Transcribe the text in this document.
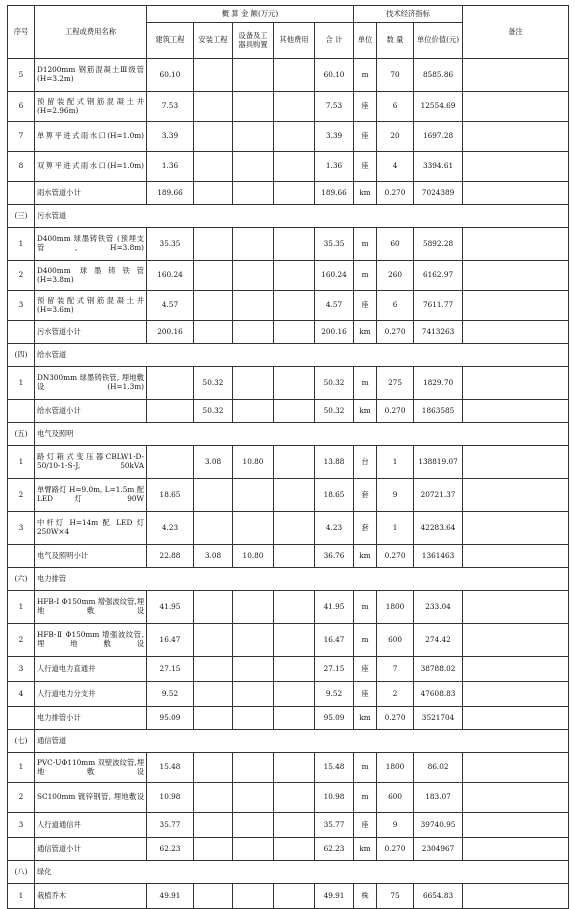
序号	工程或费用名称	概 算 金 额(万元)					技术经济指标			备注
		建筑工程	安装工程	设备及工器具购置	其他费用	合 计	单位	数 量	单位价值(元)	
5	D1200mm 钢筋混凝土Ⅲ级管(H=3.2m)	60.10				60.10	m	70	8585.86	
6	预留装配式钢筋混凝土井(H=2.96m)	7.53				7.53	座	6	12554.69	
7	单箅平进式雨水口(H=1.0m)	3.39				3.39	座	20	1697.28	
8	双箅平进式雨水口(H=1.0m)	1.36				1.36	座	4	3394.61	
	雨水管道小计	189.66				189.66	km	0.270	7024389	
(三)	污水管道									
1	D400mm 球墨铸铁管 (预埋支管, H=3.8m)	35.35				35.35	m	60	5892.28	
2	D400mm 球墨铸铁管(H=3.8m)	160.24				160.24	m	260	6162.97	
3	预留装配式钢筋混凝土井(H=3.6m)	4.57				4.57	座	6	7611.77	
	污水管道小计	200.16				200.16	km	0.270	7413263	
(四)	给水管道									
1	DN300mm 球墨铸铁管, 埋地敷设(H=1.3m)		50.32			50.32	m	275	1829.70	
	给水管道小计		50.32			50.32	km	0.270	1863585	
(五)	电气及照明									
1	路灯箱式变压器CBLW1-D-50/10-1-S-J, 50kVA		3.08	10.80		13.88	台	1	138819.07	
2	单臂路灯 H=9.0m, L=1.5m 配LED灯 90W	18.65				18.65	套	9	20721.37	
3	中杆灯 H=14m 配 LED 灯250W×4	4.23				4.23	套	1	42283.64	
	电气及照明小计	22.88	3.08	10.80		36.76	km	0.270	1361463	
(六)	电力排管									
1	HFB-Ⅰ Φ150mm 增强波纹管,埋地敷设	41.95				41.95	m	1800	233.04	
2	HFB-Ⅱ Φ150mm 增强波纹管,埋地敷设	16.47				16.47	m	600	274.42	
3	人行道电力直通井	27.15				27.15	座	7	38788.02	
4	人行道电力分支井	9.52				9.52	座	2	47608.83	
	电力排管小计	95.09				95.09	km	0.270	3521704	
(七)	通信管道									
1	PVC-UΦ110mm 双壁波纹管,埋地敷设	15.48				15.48	m	1800	86.02	
2	SC100mm 镀锌钢管, 埋地敷设	10.98				10.98	m	600	183.07	
3	人行道通信井	35.77				35.77	座	9	39740.95	
	通信管道小计	62.23				62.23	km	0.270	2304967	
(八)	绿化									
1	栽植乔木	49.91				49.91	株	75	6654.83	
